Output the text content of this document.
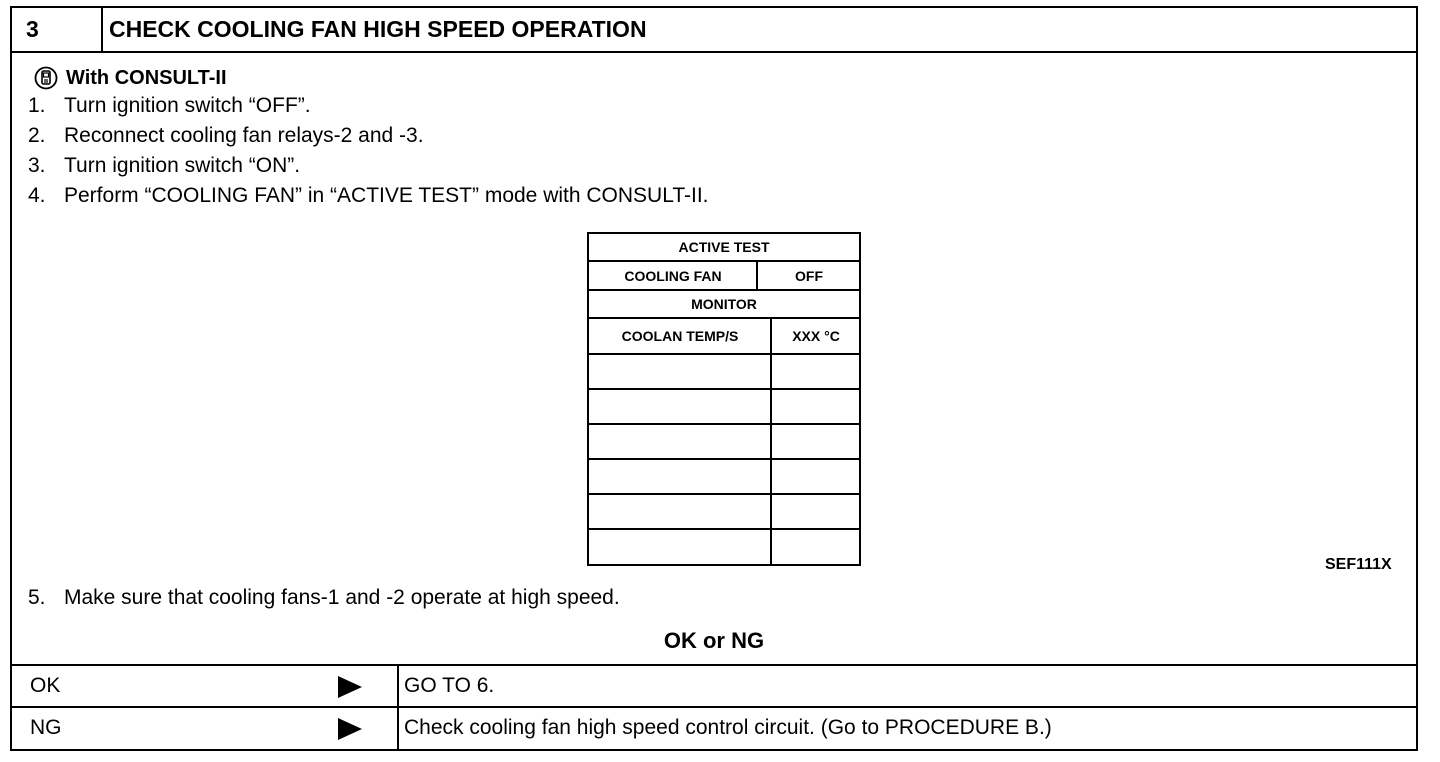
3	CHECK COOLING FAN HIGH SPEED OPERATION
With CONSULT-II
1. Turn ignition switch “OFF”.
2. Reconnect cooling fan relays-2 and -3.
3. Turn ignition switch “ON”.
4. Perform “COOLING FAN” in “ACTIVE TEST” mode with CONSULT-II.
ACTIVE TEST
COOLING FAN	OFF
MONITOR
COOLAN TEMP/S	XXX °C
SEF111X
5. Make sure that cooling fans-1 and -2 operate at high speed.
OK or NG
OK	GO TO 6.
NG	Check cooling fan high speed control circuit. (Go to PROCEDURE B.)
